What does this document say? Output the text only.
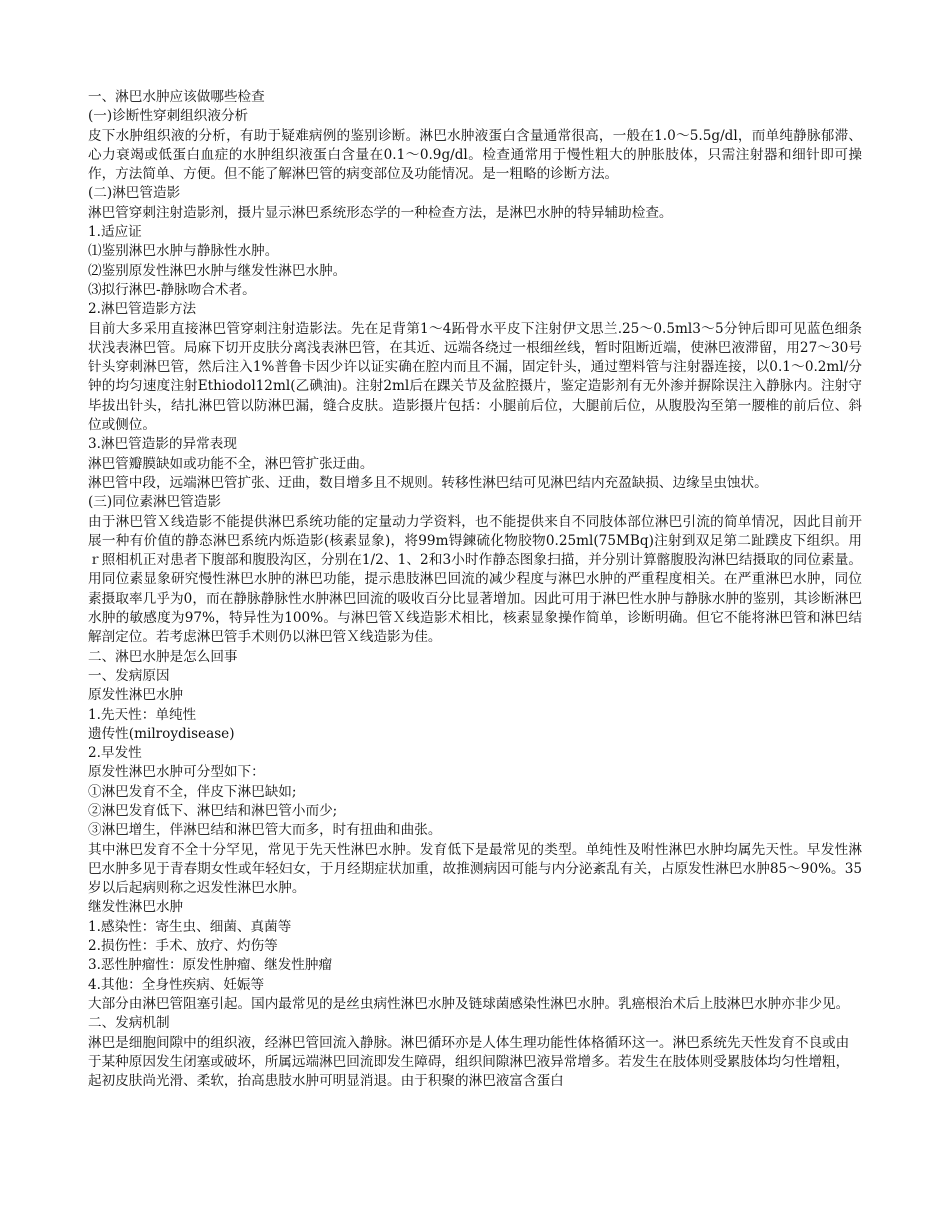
一、淋巴水肿应该做哪些检查

(一)诊断性穿刺组织液分析

皮下水肿组织液的分析，有助于疑难病例的鉴别诊断。淋巴水肿液蛋白含量通常很高，一般在1.0～5.5g/dl，而单纯静脉郁滞、心力衰竭或低蛋白血症的水肿组织液蛋白含量在0.1～0.9g/dl。检查通常用于慢性粗大的肿胀肢体，只需注射器和细针即可操作，方法简单、方便。但不能了解淋巴管的病变部位及功能情况。是一粗略的诊断方法。

(二)淋巴管造影

淋巴管穿刺注射造影剂，摄片显示淋巴系统形态学的一种检查方法，是淋巴水肿的特异辅助检查。

1.适应证

⑴鉴别淋巴水肿与静脉性水肿。

⑵鉴别原发性淋巴水肿与继发性淋巴水肿。

⑶拟行淋巴-静脉吻合术者。

2.淋巴管造影方法

目前大多采用直接淋巴管穿刺注射造影法。先在足背第1～4跖骨水平皮下注射伊文思兰.25～0.5ml3～5分钟后即可见蓝色细条状浅表淋巴管。局麻下切开皮肤分离浅表淋巴管，在其近、远端各绕过一根细丝线，暂时阻断近端，使淋巴液滞留，用27～30号针头穿刺淋巴管，然后注入1%普鲁卡因少许以证实确在腔内而且不漏，固定针头，通过塑料管与注射器连接，以0.1～0.2ml/分钟的均匀速度注射Ethiodol12ml(乙碘油)。注射2ml后在踝关节及盆腔摄片，鉴定造影剂有无外渗并摒除误注入静脉内。注射守毕拔出针头，结扎淋巴管以防淋巴漏，缝合皮肤。造影摄片包括：小腿前后位，大腿前后位，从腹股沟至第一腰椎的前后位、斜位或侧位。

3.淋巴管造影的异常表现

淋巴管瓣膜缺如或功能不全，淋巴管扩张迂曲。

淋巴管中段，远端淋巴管扩张、迂曲，数目增多且不规则。转移性淋巴结可见淋巴结内充盈缺损、边缘呈虫蚀状。

(三)同位素淋巴管造影

由于淋巴管Ｘ线造影不能提供淋巴系统功能的定量动力学资料，也不能提供来自不同肢体部位淋巴引流的简单情况，因此目前开展一种有价值的静态淋巴系统内烁造影(核素显象)，将99m锝鍊硫化物胶物0.25ml(75MBq)注射到双足第二趾蹼皮下组织。用ｒ照相机正对患者下腹部和腹股沟区，分别在1/2、1、2和3小时作静态图象扫描，并分别计算髂腹股沟淋巴结摄取的同位素量。用同位素显象研究慢性淋巴水肿的淋巴功能，提示患肢淋巴回流的减少程度与淋巴水肿的严重程度相关。在严重淋巴水肿，同位素摄取率几乎为0，而在静脉静脉性水肿淋巴回流的吸收百分比显著增加。因此可用于淋巴性水肿与静脉水肿的鉴别，其诊断淋巴水肿的敏感度为97%，特异性为100%。与淋巴管Ｘ线造影术相比，核素显象操作简单，诊断明确。但它不能将淋巴管和淋巴结解剖定位。若考虑淋巴管手术则仍以淋巴管Ｘ线造影为佳。

二、淋巴水肿是怎么回事

一、发病原因

原发性淋巴水肿

1.先天性：单纯性

遗传性(milroydisease)

2.早发性

原发性淋巴水肿可分型如下：

①淋巴发育不全，伴皮下淋巴缺如;

②淋巴发育低下、淋巴结和淋巴管小而少;

③淋巴增生，伴淋巴结和淋巴管大而多，时有扭曲和曲张。

其中淋巴发育不全十分罕见，常见于先天性淋巴水肿。发育低下是最常见的类型。单纯性及咐性淋巴水肿均属先天性。早发性淋巴水肿多见于青春期女性或年轻妇女，于月经期症状加重，故推测病因可能与内分泌紊乱有关，占原发性淋巴水肿85～90%。35岁以后起病则称之迟发性淋巴水肿。

继发性淋巴水肿

1.感染性：寄生虫、细菌、真菌等

2.损伤性：手术、放疗、灼伤等

3.恶性肿瘤性：原发性肿瘤、继发性肿瘤

4.其他：全身性疾病、妊娠等

大部分由淋巴管阻塞引起。国内最常见的是丝虫病性淋巴水肿及链球菌感染性淋巴水肿。乳癌根治术后上肢淋巴水肿亦非少见。

二、发病机制

淋巴是细胞间隙中的组织液，经淋巴管回流入静脉。淋巴循环亦是人体生理功能性体格循环这一。淋巴系统先天性发育不良或由于某种原因发生闭塞或破坏，所属远端淋巴回流即发生障碍，组织间隙淋巴液异常增多。若发生在肢体则受累肢体均匀性增粗，起初皮肤尚光滑、柔软，抬高患肢水肿可明显消退。由于积聚的淋巴液富含蛋白
